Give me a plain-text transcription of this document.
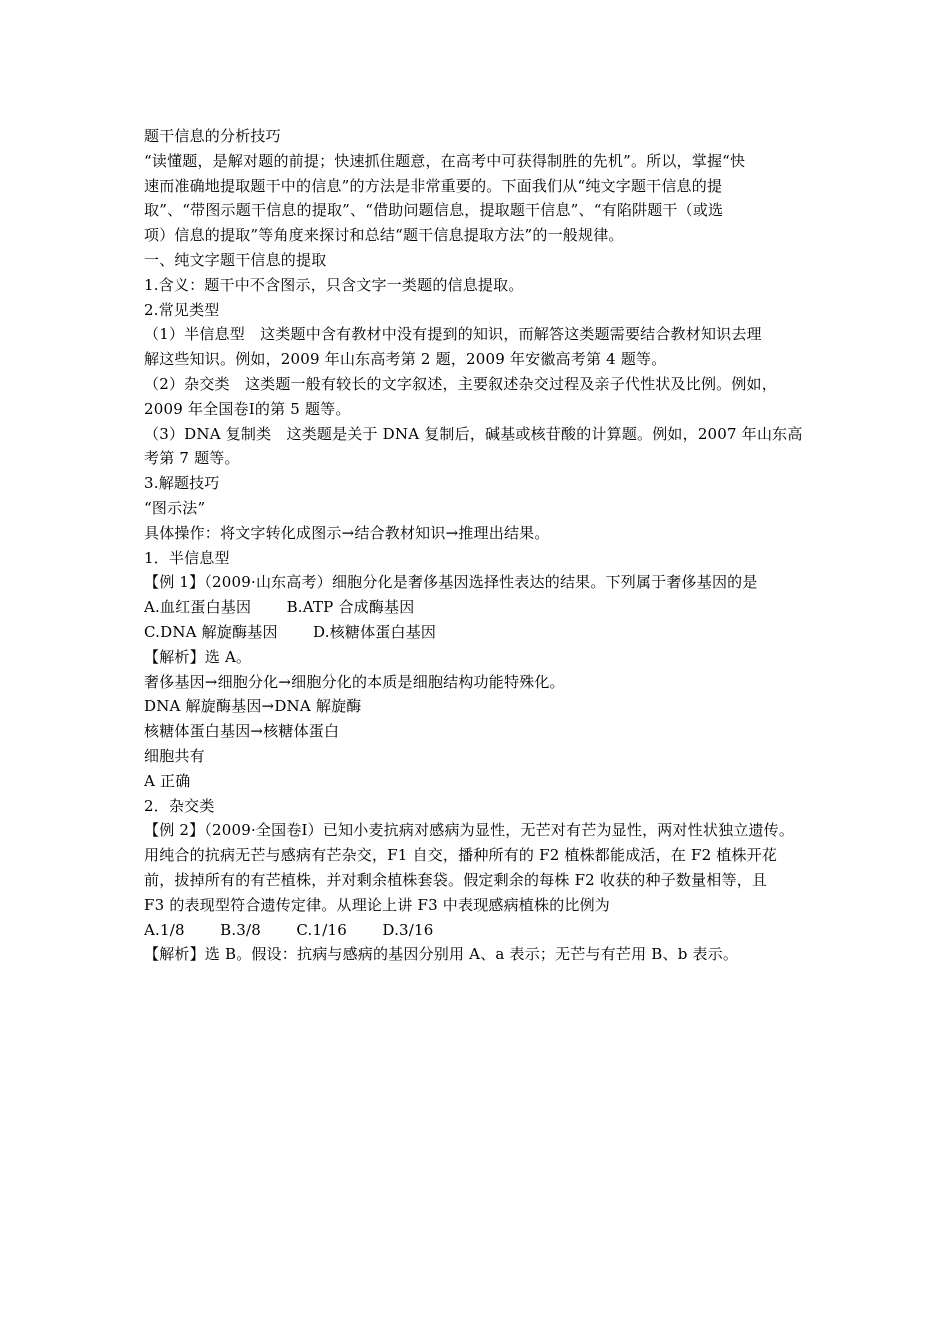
题干信息的分析技巧
“读懂题，是解对题的前提；快速抓住题意，在高考中可获得制胜的先机”。所以，掌握“快
速而准确地提取题干中的信息”的方法是非常重要的。下面我们从“纯文字题干信息的提
取”、“带图示题干信息的提取”、“借助问题信息，提取题干信息”、“有陷阱题干（或选
项）信息的提取”等角度来探讨和总结“题干信息提取方法”的一般规律。
一、纯文字题干信息的提取
1.含义：题干中不含图示，只含文字一类题的信息提取。
2.常见类型
（1）半信息型　这类题中含有教材中没有提到的知识，而解答这类题需要结合教材知识去理
解这些知识。例如，2009 年山东高考第 2 题，2009 年安徽高考第 4 题等。
（2）杂交类　这类题一般有较长的文字叙述，主要叙述杂交过程及亲子代性状及比例。例如，
2009 年全国卷Ⅰ的第 5 题等。
（3）DNA 复制类　这类题是关于 DNA 复制后，碱基或核苷酸的计算题。例如，2007 年山东高
考第 7 题等。
3.解题技巧
“图示法”
具体操作：将文字转化成图示→结合教材知识→推理出结果。
1．半信息型
【例 1】（2009·山东高考）细胞分化是奢侈基因选择性表达的结果。下列属于奢侈基因的是
A.血红蛋白基因　　 B.ATP 合成酶基因
C.DNA 解旋酶基因　　 D.核糖体蛋白基因
【解析】选 A。
奢侈基因→细胞分化→细胞分化的本质是细胞结构功能特殊化。
DNA 解旋酶基因→DNA 解旋酶
核糖体蛋白基因→核糖体蛋白
细胞共有
A 正确
2．杂交类
【例 2】（2009·全国卷Ⅰ）已知小麦抗病对感病为显性，无芒对有芒为显性，两对性状独立遗传。
用纯合的抗病无芒与感病有芒杂交，F1 自交，播种所有的 F2 植株都能成活，在 F2 植株开花
前，拔掉所有的有芒植株，并对剩余植株套袋。假定剩余的每株 F2 收获的种子数量相等，且
F3 的表现型符合遗传定律。从理论上讲 F3 中表现感病植株的比例为
A.1/8　　 B.3/8　　 C.1/16　　 D.3/16
【解析】选 B。假设：抗病与感病的基因分别用 A、a 表示；无芒与有芒用 B、b 表示。
